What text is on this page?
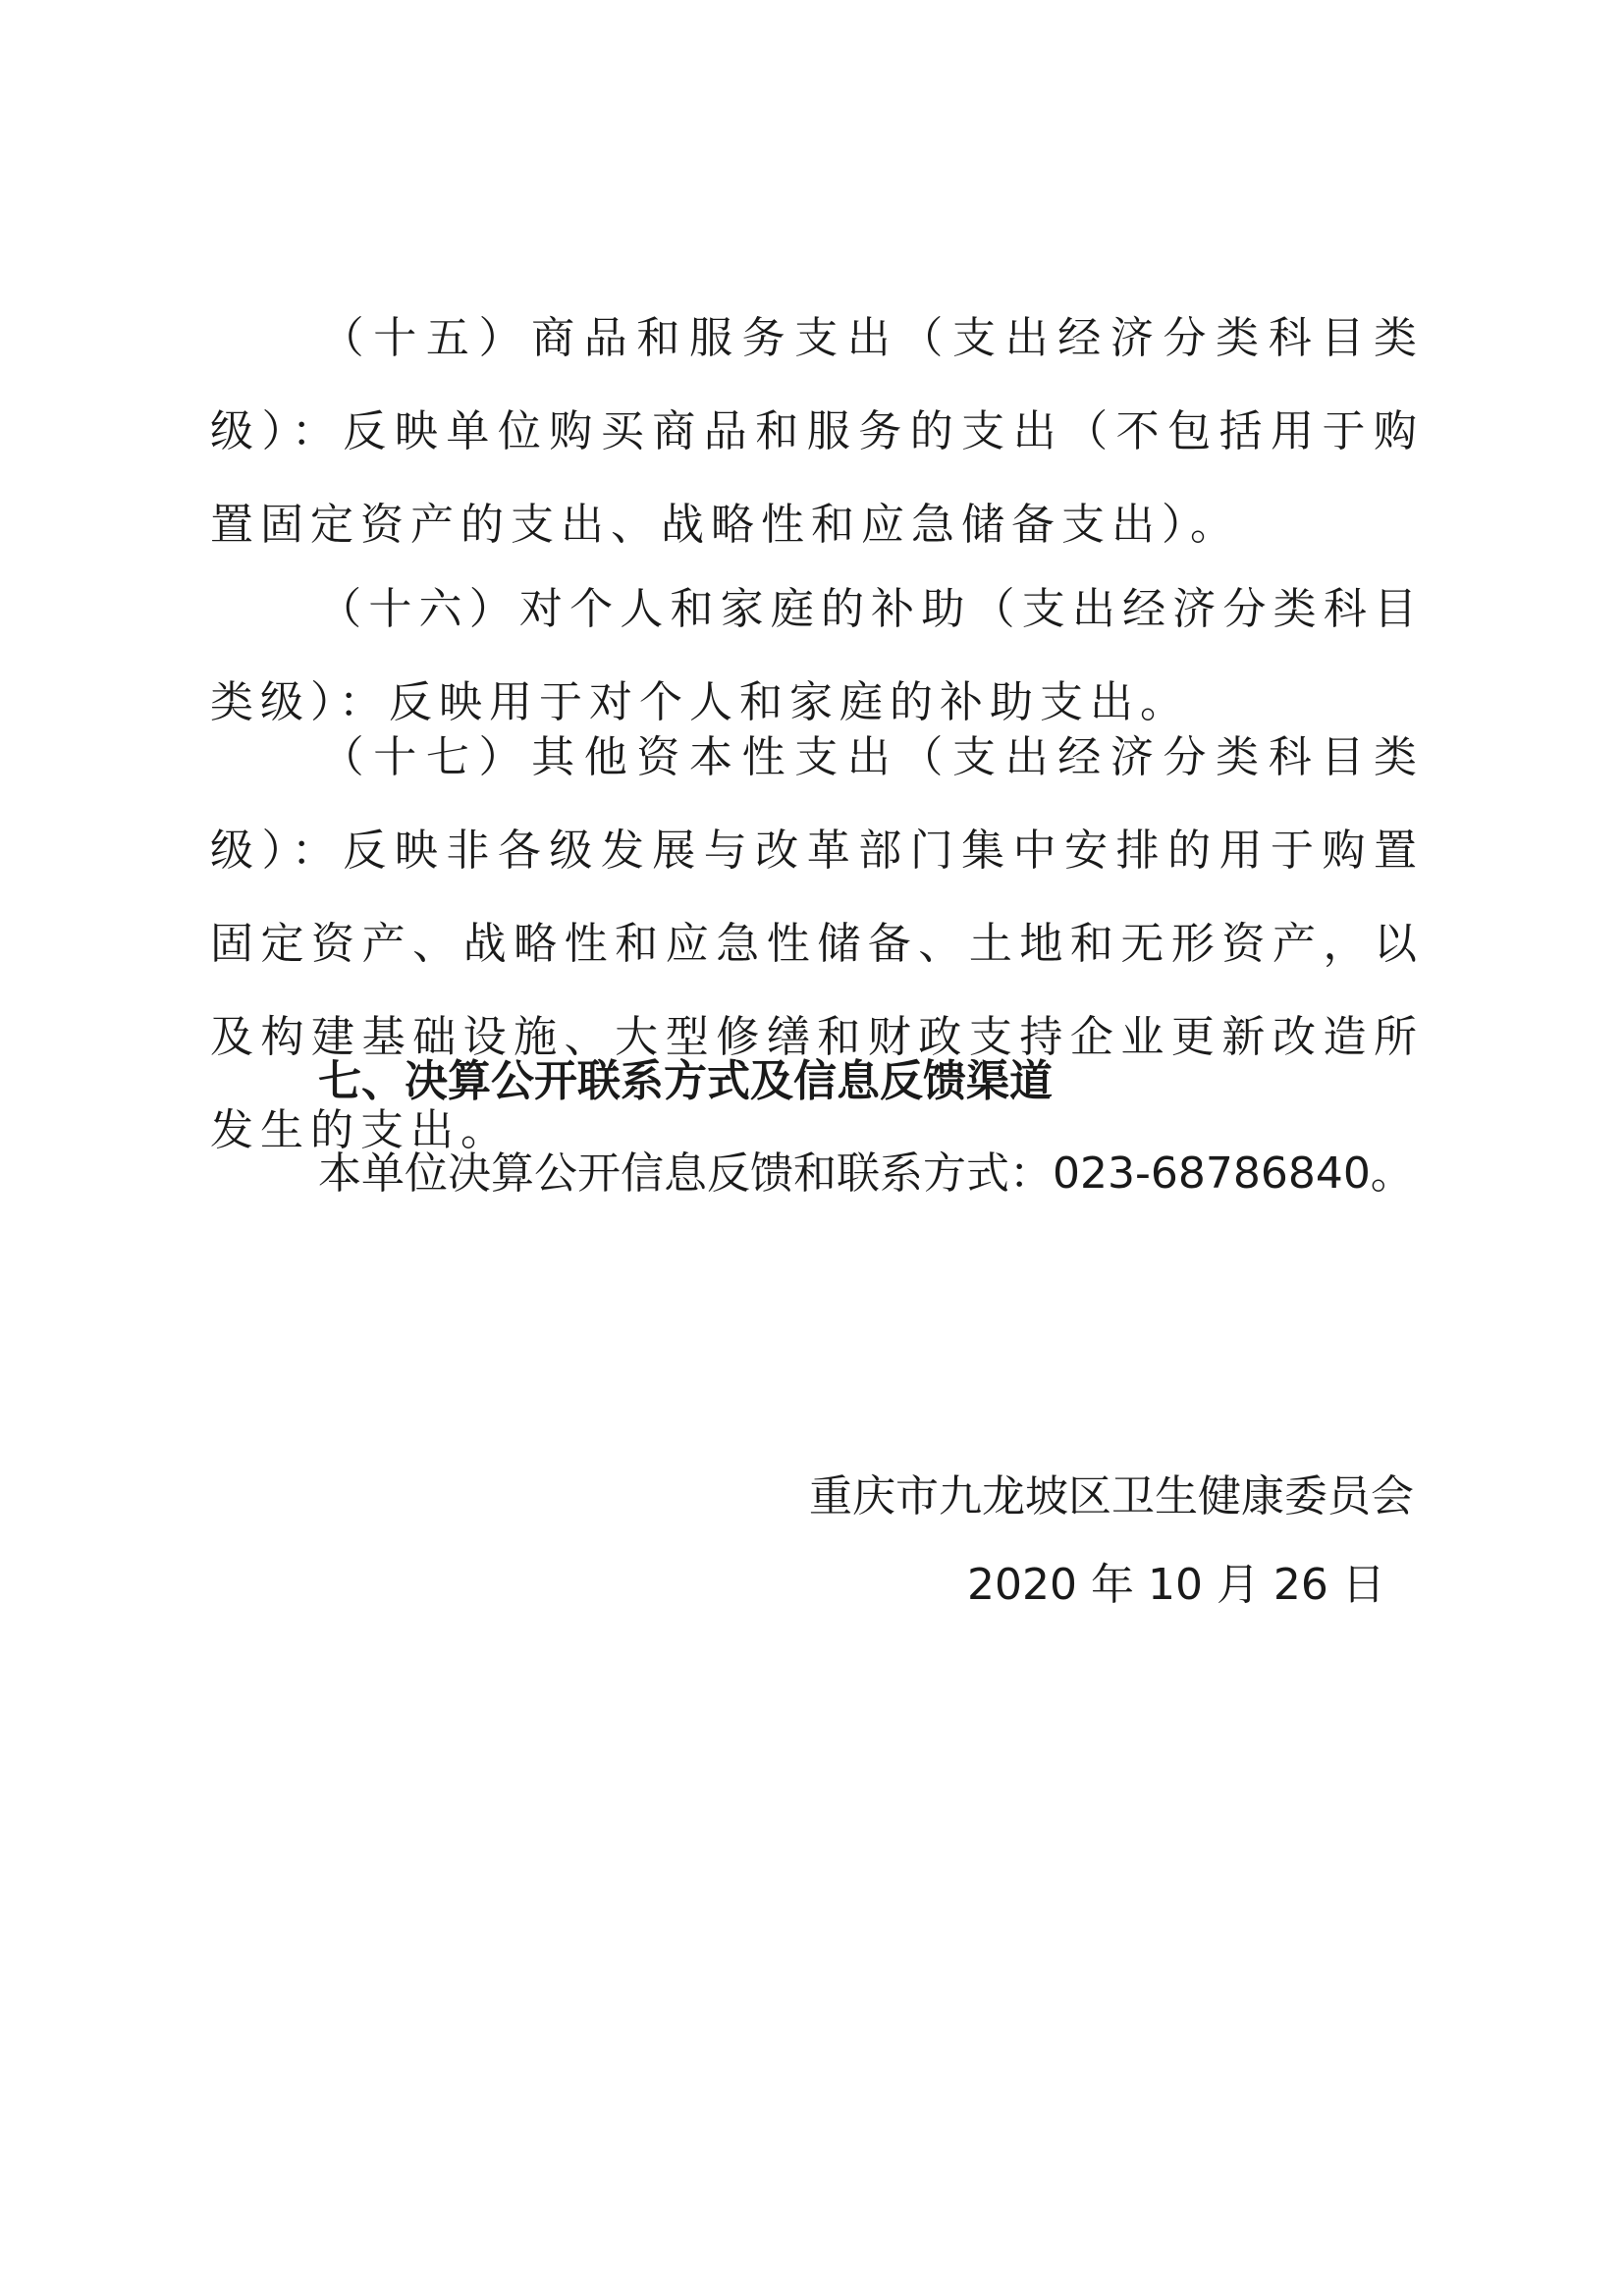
（十五）商品和服务支出（支出经济分类科目类级）：反映单位购买商品和服务的支出（不包括用于购置固定资产的支出、战略性和应急储备支出）。

（十六）对个人和家庭的补助（支出经济分类科目类级）：反映用于对个人和家庭的补助支出。

（十七）其他资本性支出（支出经济分类科目类级）：反映非各级发展与改革部门集中安排的用于购置固定资产、战略性和应急性储备、土地和无形资产，以及构建基础设施、大型修缮和财政支持企业更新改造所发生的支出。

七、决算公开联系方式及信息反馈渠道

本单位决算公开信息反馈和联系方式：023-68786840。

重庆市九龙坡区卫生健康委员会

2020 年 10 月 26 日
